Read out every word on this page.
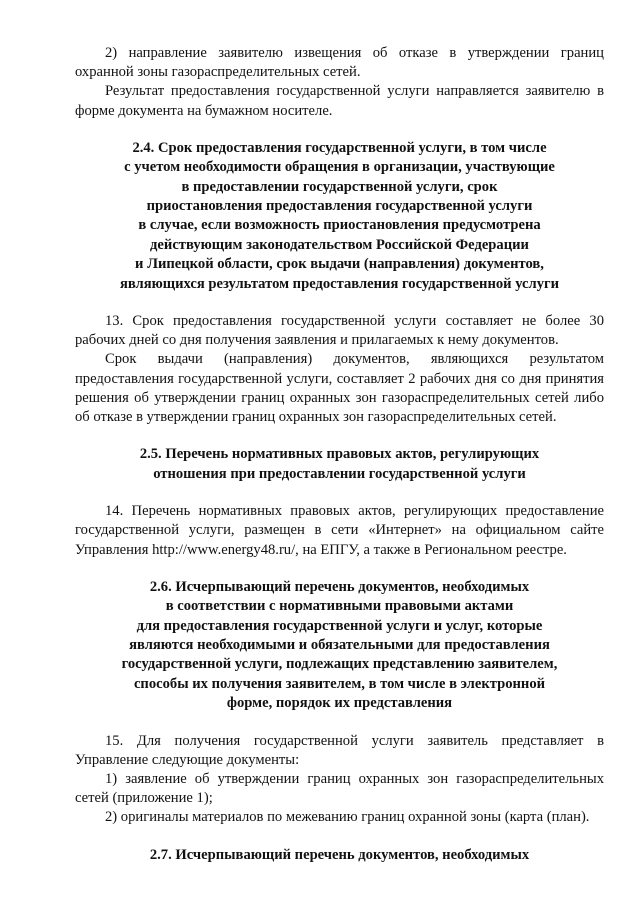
2) направление заявителю извещения об отказе в утверждении границ охранной зоны газораспределительных сетей.

Результат предоставления государственной услуги направляется заявителю в форме документа на бумажном носителе.

2.4. Срок предоставления государственной услуги, в том числе
с учетом необходимости обращения в организации, участвующие
в предоставлении государственной услуги, срок
приостановления предоставления государственной услуги
в случае, если возможность приостановления предусмотрена
действующим законодательством Российской Федерации
и Липецкой области, срок выдачи (направления) документов,
являющихся результатом предоставления государственной услуги

13. Срок предоставления государственной услуги составляет не более 30 рабочих дней со дня получения заявления и прилагаемых к нему документов.

Срок выдачи (направления) документов, являющихся результатом предоставления государственной услуги, составляет 2 рабочих дня со дня принятия решения об утверждении границ охранных зон газораспределительных сетей либо об отказе в утверждении границ охранных зон газораспределительных сетей.

2.5. Перечень нормативных правовых актов, регулирующих
отношения при предоставлении государственной услуги

14. Перечень нормативных правовых актов, регулирующих предоставление государственной услуги, размещен в сети «Интернет» на официальном сайте Управления http://www.energy48.ru/, на ЕПГУ, а также в Региональном реестре.

2.6. Исчерпывающий перечень документов, необходимых
в соответствии с нормативными правовыми актами
для предоставления государственной услуги и услуг, которые
являются необходимыми и обязательными для предоставления
государственной услуги, подлежащих представлению заявителем,
способы их получения заявителем, в том числе в электронной
форме, порядок их представления

15. Для получения государственной услуги заявитель представляет в Управление следующие документы:

1) заявление об утверждении границ охранных зон газораспределительных сетей (приложение 1);

2) оригиналы материалов по межеванию границ охранной зоны (карта (план).

2.7. Исчерпывающий перечень документов, необходимых
